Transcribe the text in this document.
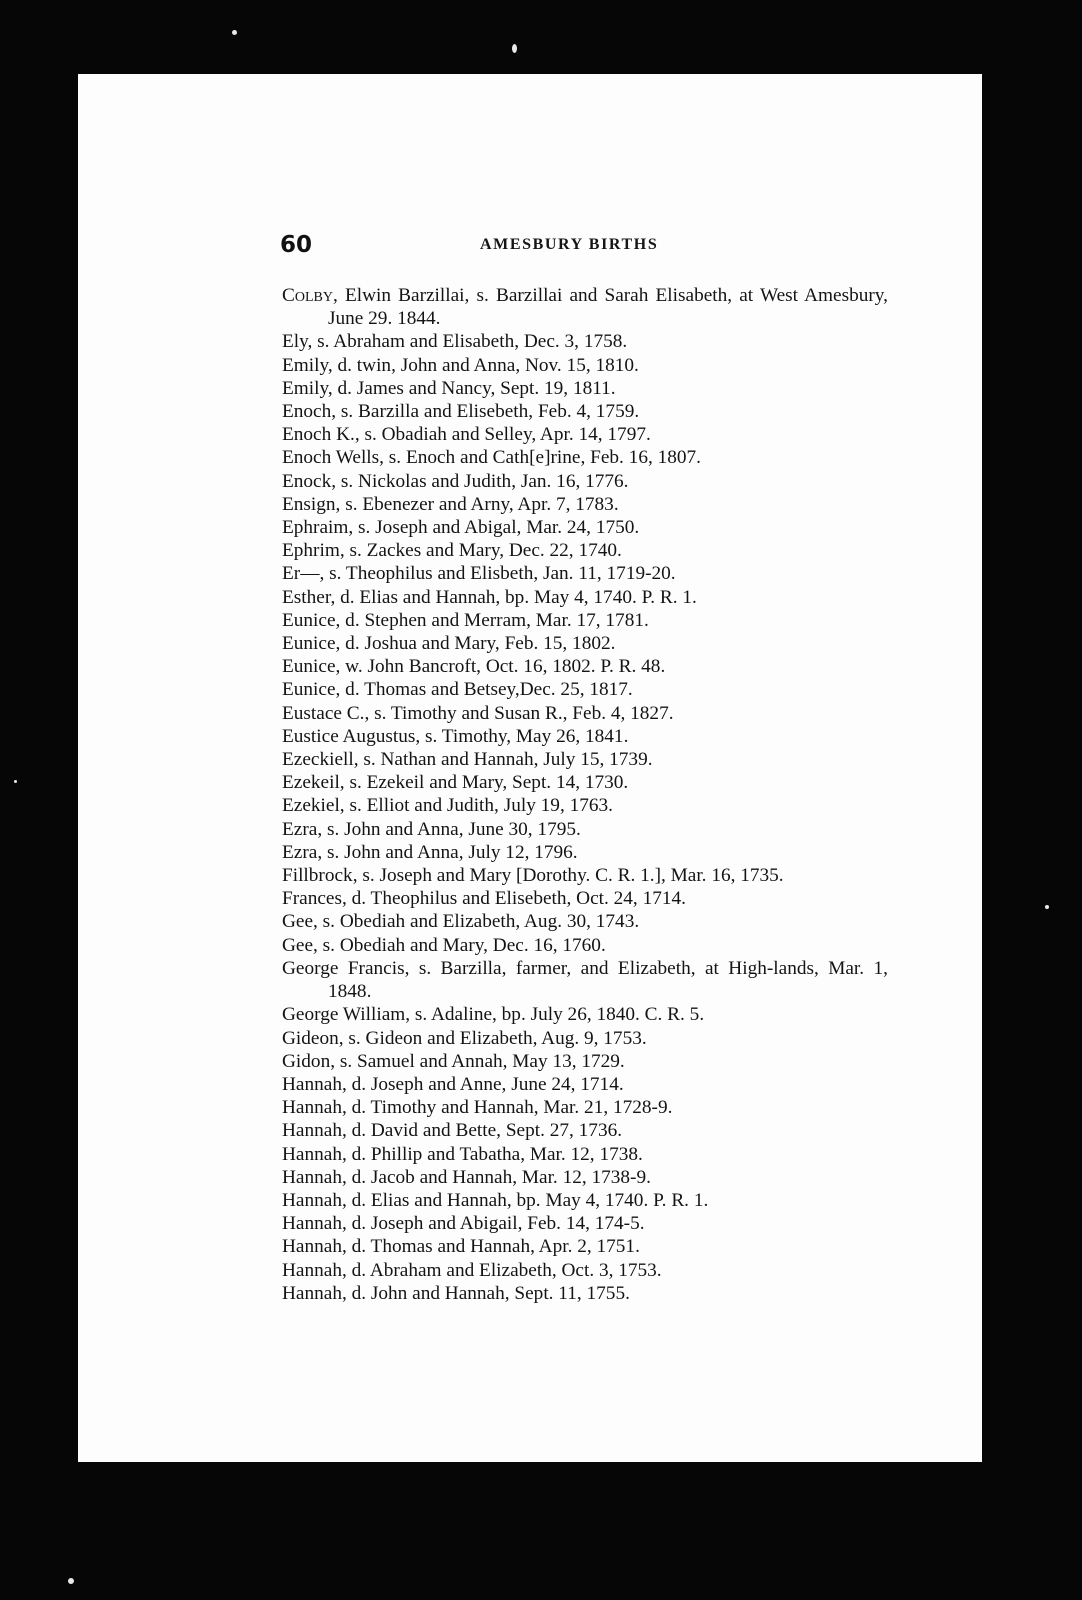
60	AMESBURY BIRTHS
Colby, Elwin Barzillai, s. Barzillai and Sarah Elisabeth, at West Amesbury, June 29. 1844.
Ely, s. Abraham and Elisabeth, Dec. 3, 1758.
Emily, d. twin, John and Anna, Nov. 15, 1810.
Emily, d. James and Nancy, Sept. 19, 1811.
Enoch, s. Barzilla and Elisebeth, Feb. 4, 1759.
Enoch K., s. Obadiah and Selley, Apr. 14, 1797.
Enoch Wells, s. Enoch and Cath[e]rine, Feb. 16, 1807.
Enock, s. Nickolas and Judith, Jan. 16, 1776.
Ensign, s. Ebenezer and Arny, Apr. 7, 1783.
Ephraim, s. Joseph and Abigal, Mar. 24, 1750.
Ephrim, s. Zackes and Mary, Dec. 22, 1740.
Er—, s. Theophilus and Elisbeth, Jan. 11, 1719-20.
Esther, d. Elias and Hannah, bp. May 4, 1740. P. R. 1.
Eunice, d. Stephen and Merram, Mar. 17, 1781.
Eunice, d. Joshua and Mary, Feb. 15, 1802.
Eunice, w. John Bancroft, Oct. 16, 1802. P. R. 48.
Eunice, d. Thomas and Betsey,Dec. 25, 1817.
Eustace C., s. Timothy and Susan R., Feb. 4, 1827.
Eustice Augustus, s. Timothy, May 26, 1841.
Ezeckiell, s. Nathan and Hannah, July 15, 1739.
Ezekeil, s. Ezekeil and Mary, Sept. 14, 1730.
Ezekiel, s. Elliot and Judith, July 19, 1763.
Ezra, s. John and Anna, June 30, 1795.
Ezra, s. John and Anna, July 12, 1796.
Fillbrock, s. Joseph and Mary [Dorothy. C. R. 1.], Mar. 16, 1735.
Frances, d. Theophilus and Elisebeth, Oct. 24, 1714.
Gee, s. Obediah and Elizabeth, Aug. 30, 1743.
Gee, s. Obediah and Mary, Dec. 16, 1760.
George Francis, s. Barzilla, farmer, and Elizabeth, at High-lands, Mar. 1, 1848.
George William, s. Adaline, bp. July 26, 1840. C. R. 5.
Gideon, s. Gideon and Elizabeth, Aug. 9, 1753.
Gidon, s. Samuel and Annah, May 13, 1729.
Hannah, d. Joseph and Anne, June 24, 1714.
Hannah, d. Timothy and Hannah, Mar. 21, 1728-9.
Hannah, d. David and Bette, Sept. 27, 1736.
Hannah, d. Phillip and Tabatha, Mar. 12, 1738.
Hannah, d. Jacob and Hannah, Mar. 12, 1738-9.
Hannah, d. Elias and Hannah, bp. May 4, 1740. P. R. 1.
Hannah, d. Joseph and Abigail, Feb. 14, 174-5.
Hannah, d. Thomas and Hannah, Apr. 2, 1751.
Hannah, d. Abraham and Elizabeth, Oct. 3, 1753.
Hannah, d. John and Hannah, Sept. 11, 1755.
